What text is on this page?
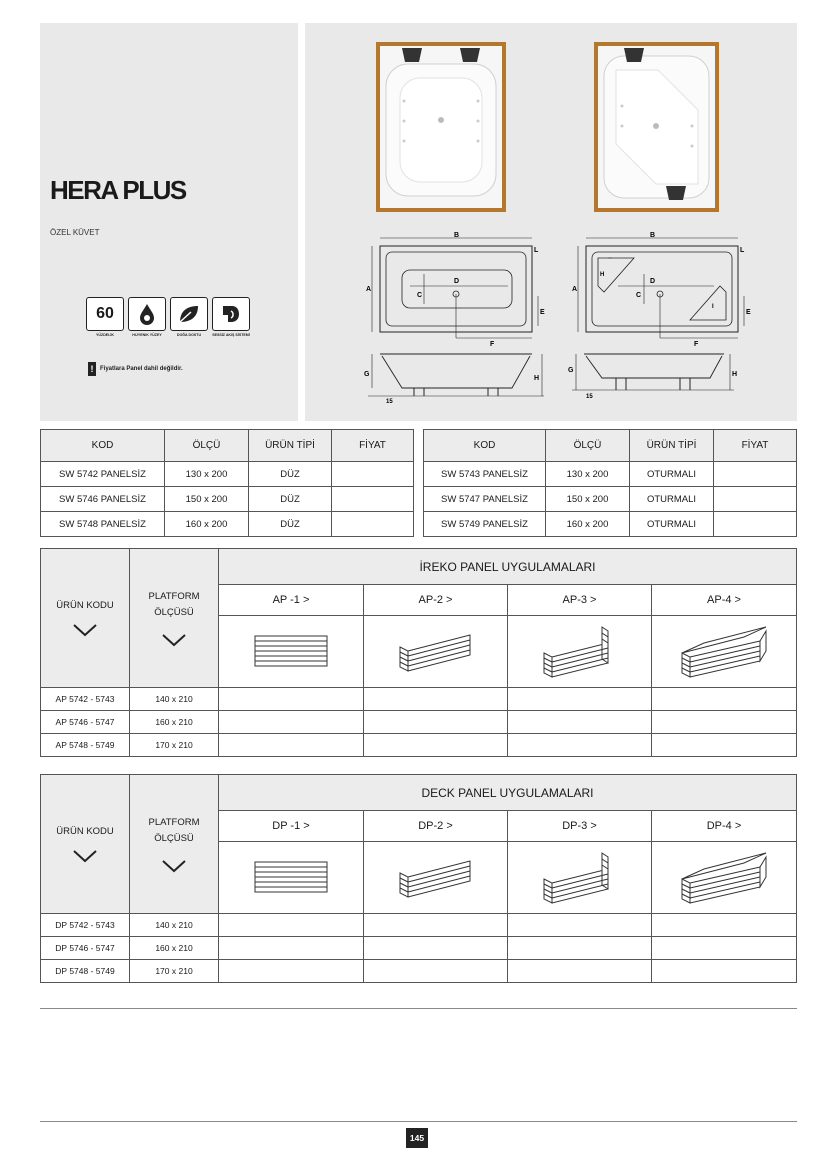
HERA PLUS
ÖZEL KÜVET
60
YÜZDELİK	HIJYENIK YÜZEY	DOĞA DOSTU	SESSİZ AKIŞ SİSTEMİ
!	Fiyatlara Panel dahil değildir.
B
A
D
C
F
E
L
B
A
D
C
F
E
L
H
I
G
H
15
G
H
15
KOD	ÖLÇÜ	ÜRÜN TİPİ	FİYAT
SW 5742 PANELSİZ	130 x 200	DÜZ	
SW 5746 PANELSİZ	150 x 200	DÜZ	
SW 5748 PANELSİZ	160 x 200	DÜZ	
KOD	ÖLÇÜ	ÜRÜN TİPİ	FİYAT
SW 5743 PANELSİZ	130 x 200	OTURMALI	
SW 5747 PANELSİZ	150 x 200	OTURMALI	
SW 5749 PANELSİZ	160 x 200	OTURMALI	
ÜRÜN KODU	PLATFORM ÖLÇÜSÜ	İREKO PANEL UYGULAMALARI			
		AP -1 >	AP-2 >	AP-3 >	AP-4 >

AP 5742 - 5743	140 x 210				
AP 5746 - 5747	160 x 210				
AP 5748 - 5749	170 x 210				
ÜRÜN KODU	PLATFORM ÖLÇÜSÜ	DECK PANEL UYGULAMALARI			
		DP -1 >	DP-2 >	DP-3 >	DP-4 >

DP 5742 - 5743	140 x 210				
DP 5746 - 5747	160 x 210				
DP 5748 - 5749	170 x 210				
145
